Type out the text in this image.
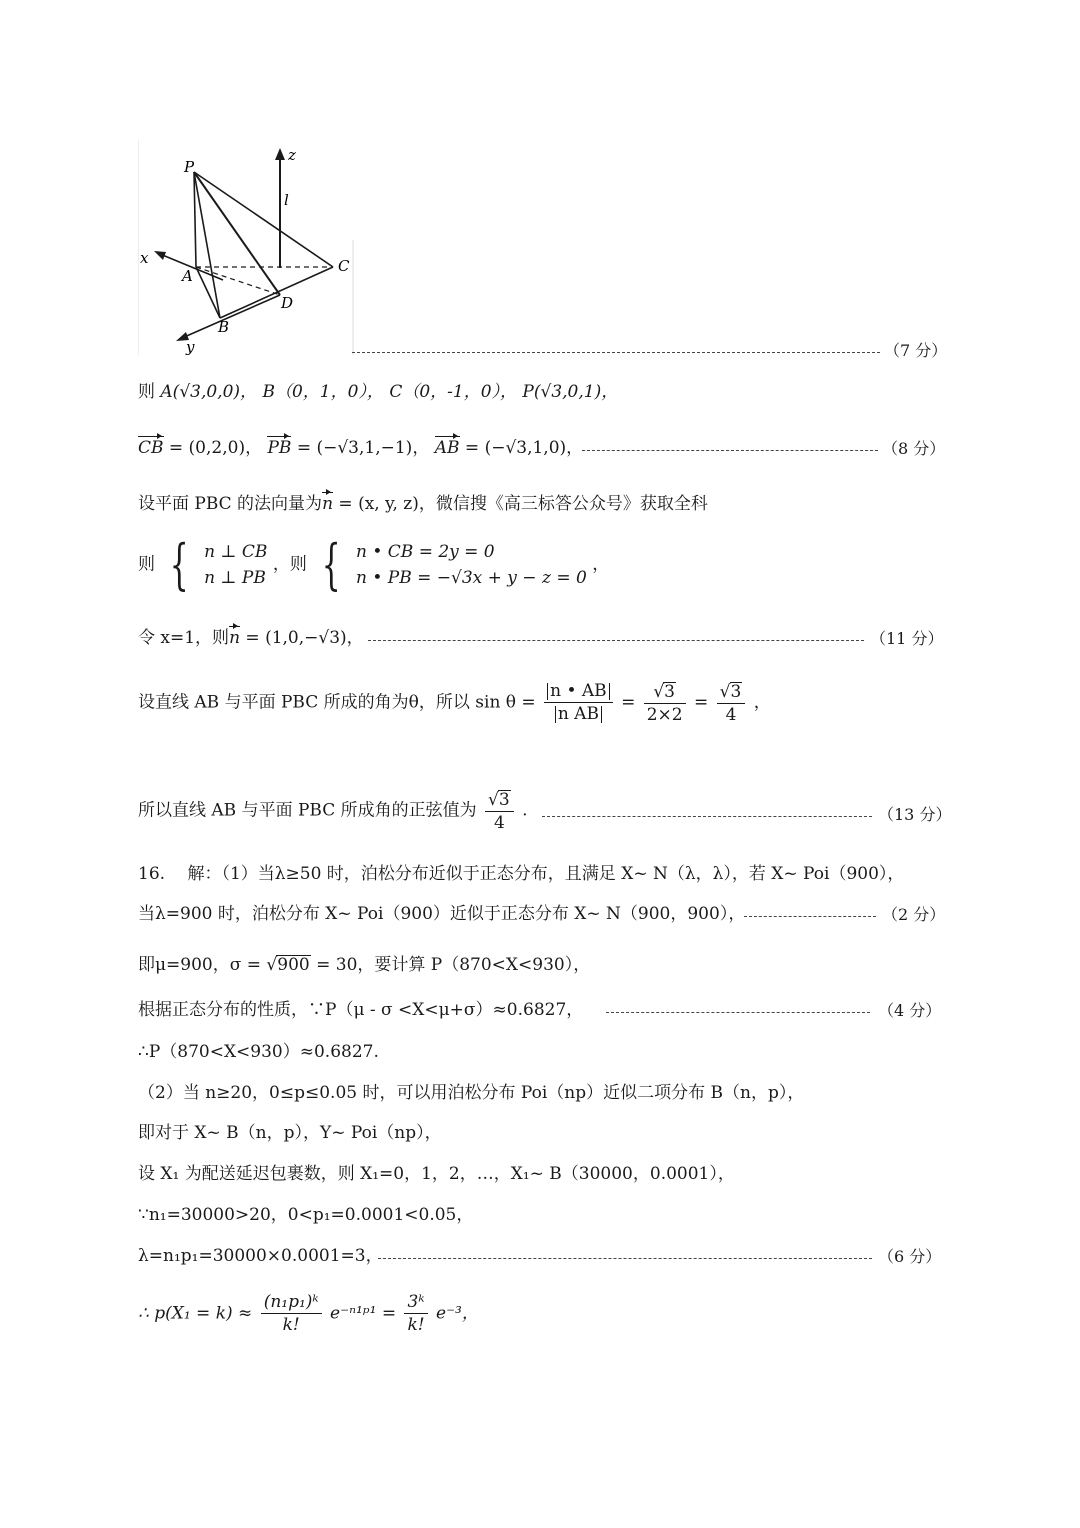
z
l
x
y
P
A
C
D
B
（7 分）
则 A(√3,0,0)， B（0，1，0）， C（0，-1，0）， P(√3,0,1)，
CB = (0,2,0)， PB = (−√3,1,−1)， AB = (−√3,1,0)，	（8 分）
设平面 PBC 的法向量为n = (x, y, z)，微信搜《高三标答公众号》获取全科
则 { n ⊥ CB
n ⊥ PB
，则 { n • CB = 2y = 0
n • PB = −√3x + y − z = 0
，
令 x=1，则n = (1,0,−√3)，	（11 分）
设直线 AB 与平面 PBC 所成的角为θ，所以 $\sin \theta = \frac{n • AB}{\text{n AB}} = \frac{√3}{2\times 2} = \frac{√3}{4}$ ，
所以直线 AB 与平面 PBC 所成角的正弦值为 $\frac{√3}{4}$ .	（13 分）
16.　 解：（1）当λ≥50 时，泊松分布近似于正态分布，且满足 X~ N（λ，λ），若 X~ Poi（900），
当λ=900 时，泊松分布 X~ Poi（900）近似于正态分布 X~ N（900，900），	（2 分）
即μ=900，σ = √900 = 30，要计算 P（870<X<930），
根据正态分布的性质，∵P（μ - σ <X<μ+σ）≈0.6827，	（4 分）
∴P（870<X<930）≈0.6827.
（2）当 n≥20，0≤p≤0.05 时，可以用泊松分布 Poi（np）近似二项分布 B（n，p），
即对于 X~ B（n，p），Y~ Poi（np），
设 X₁ 为配送延迟包裹数，则 X₁=0，1，2，…，X₁~ B（30000，0.0001），
∵n₁=30000>20，0<p₁=0.0001<0.05，
λ=n₁p₁=30000×0.0001=3，	（6 分）
∴ $p(X_1 = k) \approx \frac{\text{(n₁p₁)ᵏ}}{k!}$ e⁻ⁿ¹ᵖ¹ = $\frac{\text{3ᵏ}}{k!} e^{-3}$，
